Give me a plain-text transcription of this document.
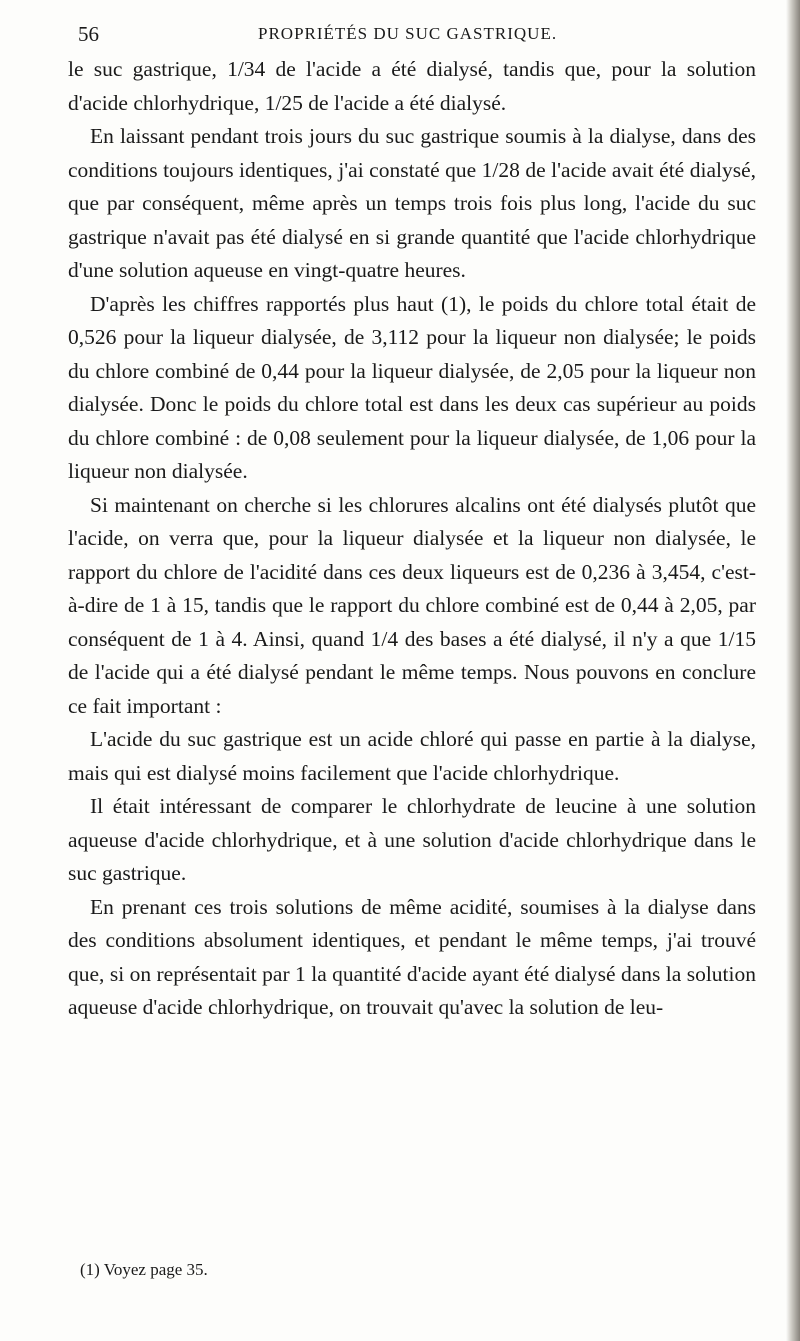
56	PROPRIÉTÉS DU SUC GASTRIQUE.

le suc gastrique, 1/34 de l'acide a été dialysé, tandis que, pour la solution d'acide chlorhydrique, 1/25 de l'acide a été dialysé.

En laissant pendant trois jours du suc gastrique soumis à la dialyse, dans des conditions toujours identiques, j'ai constaté que 1/28 de l'acide avait été dialysé, que par conséquent, même après un temps trois fois plus long, l'acide du suc gastrique n'avait pas été dialysé en si grande quantité que l'acide chlorhydrique d'une solution aqueuse en vingt-quatre heures.

D'après les chiffres rapportés plus haut (1), le poids du chlore total était de 0,526 pour la liqueur dialysée, de 3,112 pour la liqueur non dialysée; le poids du chlore combiné de 0,44 pour la liqueur dialysée, de 2,05 pour la liqueur non dialysée. Donc le poids du chlore total est dans les deux cas supérieur au poids du chlore combiné : de 0,08 seulement pour la liqueur dialysée, de 1,06 pour la liqueur non dialysée.

Si maintenant on cherche si les chlorures alcalins ont été dialysés plutôt que l'acide, on verra que, pour la liqueur dialysée et la liqueur non dialysée, le rapport du chlore de l'acidité dans ces deux liqueurs est de 0,236 à 3,454, c'est-à-dire de 1 à 15, tandis que le rapport du chlore combiné est de 0,44 à 2,05, par conséquent de 1 à 4. Ainsi, quand 1/4 des bases a été dialysé, il n'y a que 1/15 de l'acide qui a été dialysé pendant le même temps. Nous pouvons en conclure ce fait important :

L'acide du suc gastrique est un acide chloré qui passe en partie à la dialyse, mais qui est dialysé moins facilement que l'acide chlorhydrique.

Il était intéressant de comparer le chlorhydrate de leucine à une solution aqueuse d'acide chlorhydrique, et à une solution d'acide chlorhydrique dans le suc gastrique.

En prenant ces trois solutions de même acidité, soumises à la dialyse dans des conditions absolument identiques, et pendant le même temps, j'ai trouvé que, si on représentait par 1 la quantité d'acide ayant été dialysé dans la solution aqueuse d'acide chlorhydrique, on trouvait qu'avec la solution de leu-

(1) Voyez page 35.
